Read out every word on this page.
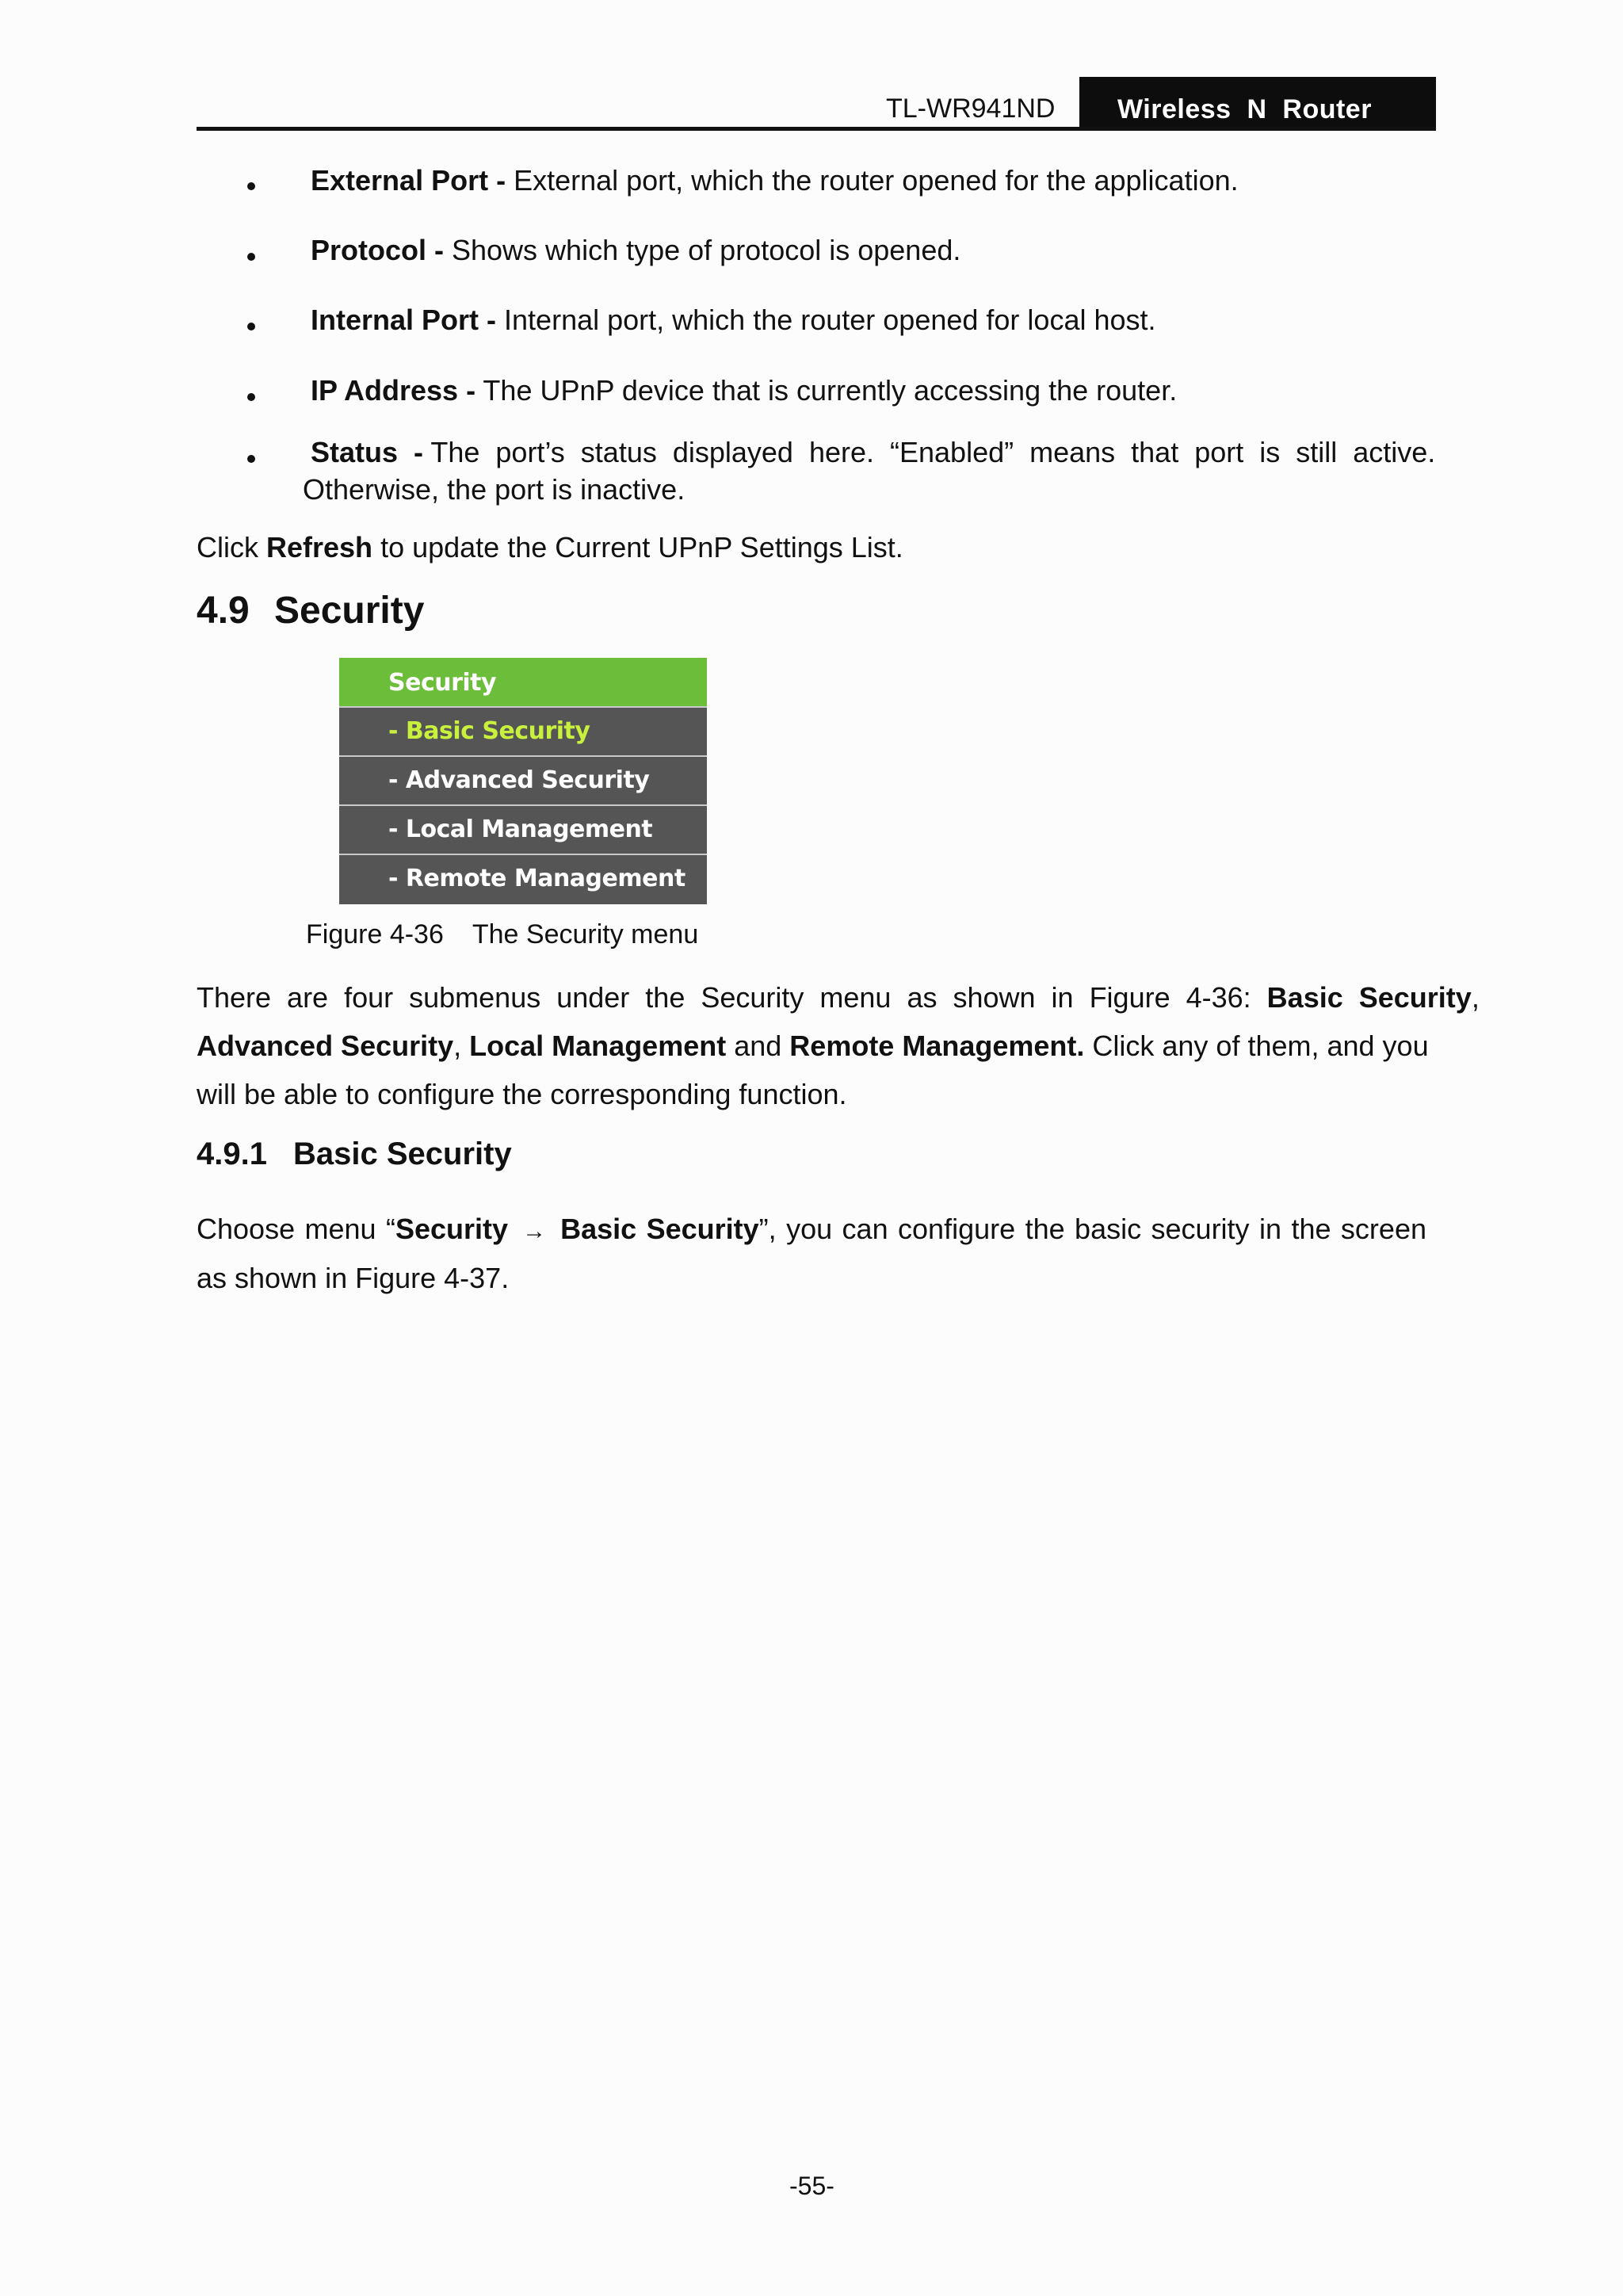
TL-WR941ND Wireless  N  Router
External Port - External port, which the router opened for the application.
Protocol - Shows which type of protocol is opened.
Internal Port - Internal port, which the router opened for local host.
IP Address - The UPnP device that is currently accessing the router.
Status  - The  port’s  status  displayed  here.  “Enabled”  means  that  port  is  still  active.
Otherwise, the port is inactive.
Click Refresh to update the Current UPnP Settings List.
4.9 Security
Security
- Basic Security
- Advanced Security
- Local Management
- Remote Management
Figure 4-36 The Security menu
There  are  four  submenus  under  the  Security  menu  as  shown  in  Figure  4-36:  Basic  Security,
Advanced Security, Local Management and Remote Management. Click any of them, and you
will be able to configure the corresponding function.
4.9.1 Basic Security
Choose menu “Security → Basic Security”, you can configure the basic security in the screen
as shown in Figure 4-37.
-55-
